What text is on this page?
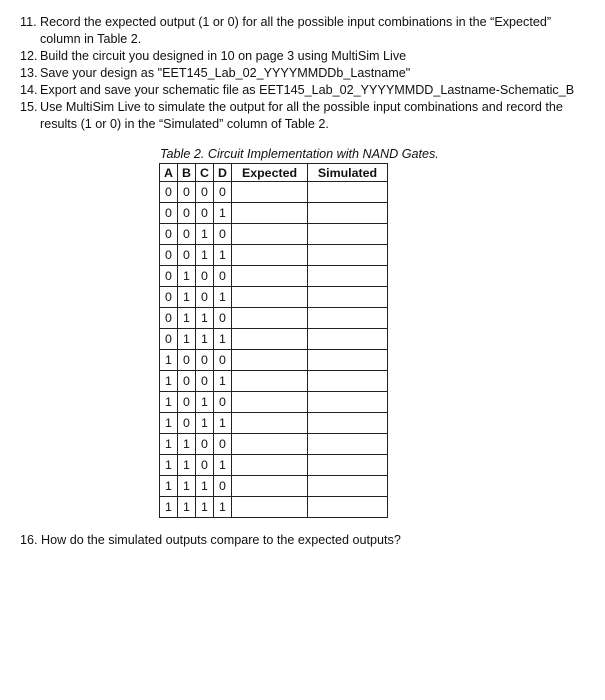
11. Record the expected output (1 or 0) for all the possible input combinations in the “Expected” column in Table 2.
12. Build the circuit you designed in 10 on page 3 using MultiSim Live
13. Save your design as "EET145_Lab_02_YYYYMMDDb_Lastname"
14. Export and save your schematic file as EET145_Lab_02_YYYYMMDD_Lastname-Schematic_B
15. Use MultiSim Live to simulate the output for all the possible input combinations and record the results (1 or 0) in the “Simulated” column of Table 2.
Table 2. Circuit Implementation with NAND Gates.
A	B	C	D	Expected	Simulated
0	0	0	0		
0	0	0	1		
0	0	1	0		
0	0	1	1		
0	1	0	0		
0	1	0	1		
0	1	1	0		
0	1	1	1		
1	0	0	0		
1	0	0	1		
1	0	1	0		
1	0	1	1		
1	1	0	0		
1	1	0	1		
1	1	1	0		
1	1	1	1		
16. How do the simulated outputs compare to the expected outputs?
